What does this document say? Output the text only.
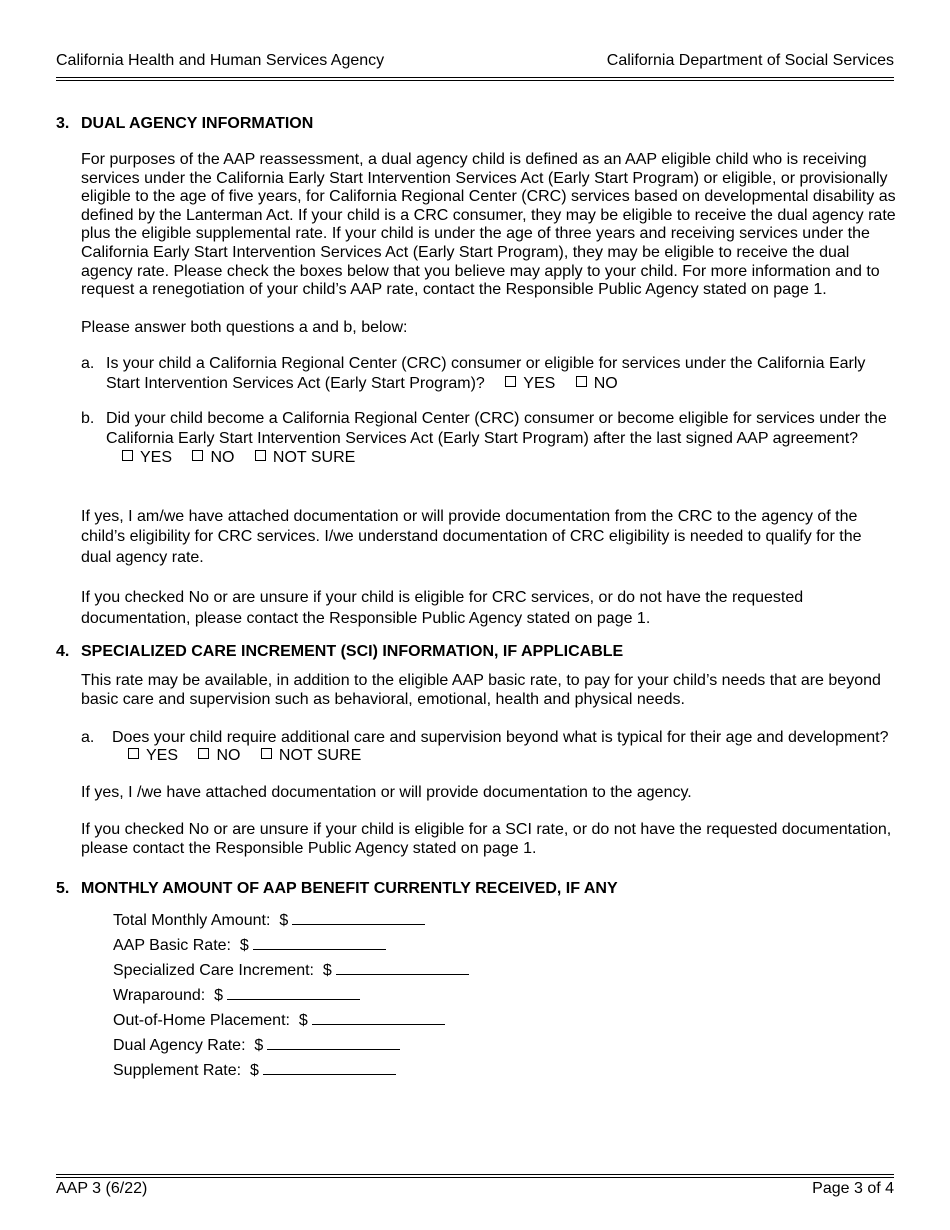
California Health and Human Services Agency	California Department of Social Services
3. DUAL AGENCY INFORMATION
For purposes of the AAP reassessment, a dual agency child is defined as an AAP eligible child who is receiving services under the California Early Start Intervention Services Act (Early Start Program) or eligible, or provisionally eligible to the age of five years, for California Regional Center (CRC) services based on developmental disability as defined by the Lanterman Act. If your child is a CRC consumer, they may be eligible to receive the dual agency rate plus the eligible supplemental rate. If your child is under the age of three years and receiving services under the California Early Start Intervention Services Act (Early Start Program), they may be eligible to receive the dual agency rate. Please check the boxes below that you believe may apply to your child. For more information and to request a renegotiation of your child’s AAP rate, contact the Responsible Public Agency stated on page 1.
Please answer both questions a and b, below:
a. Is your child a California Regional Center (CRC) consumer or eligible for services under the California Early Start Intervention Services Act (Early Start Program)? YES NO
b. Did your child become a California Regional Center (CRC) consumer or become eligible for services under the California Early Start Intervention Services Act (Early Start Program) after the last signed AAP agreement? YES NO NOT SURE
If yes, I am/we have attached documentation or will provide documentation from the CRC to the agency of the child’s eligibility for CRC services. I/we understand documentation of CRC eligibility is needed to qualify for the dual agency rate.
If you checked No or are unsure if your child is eligible for CRC services, or do not have the requested documentation, please contact the Responsible Public Agency stated on page 1.
4. SPECIALIZED CARE INCREMENT (SCI) INFORMATION, IF APPLICABLE
This rate may be available, in addition to the eligible AAP basic rate, to pay for your child’s needs that are beyond basic care and supervision such as behavioral, emotional, health and physical needs.
a. Does your child require additional care and supervision beyond what is typical for their age and development? YES NO NOT SURE
If yes, I /we have attached documentation or will provide documentation to the agency.
If you checked No or are unsure if your child is eligible for a SCI rate, or do not have the requested documentation, please contact the Responsible Public Agency stated on page 1.
5. MONTHLY AMOUNT OF AAP BENEFIT CURRENTLY RECEIVED, IF ANY
Total Monthly Amount: $
AAP Basic Rate: $
Specialized Care Increment: $
Wraparound: $
Out-of-Home Placement: $
Dual Agency Rate: $
Supplement Rate: $
AAP 3 (6/22)	Page 3 of 4
